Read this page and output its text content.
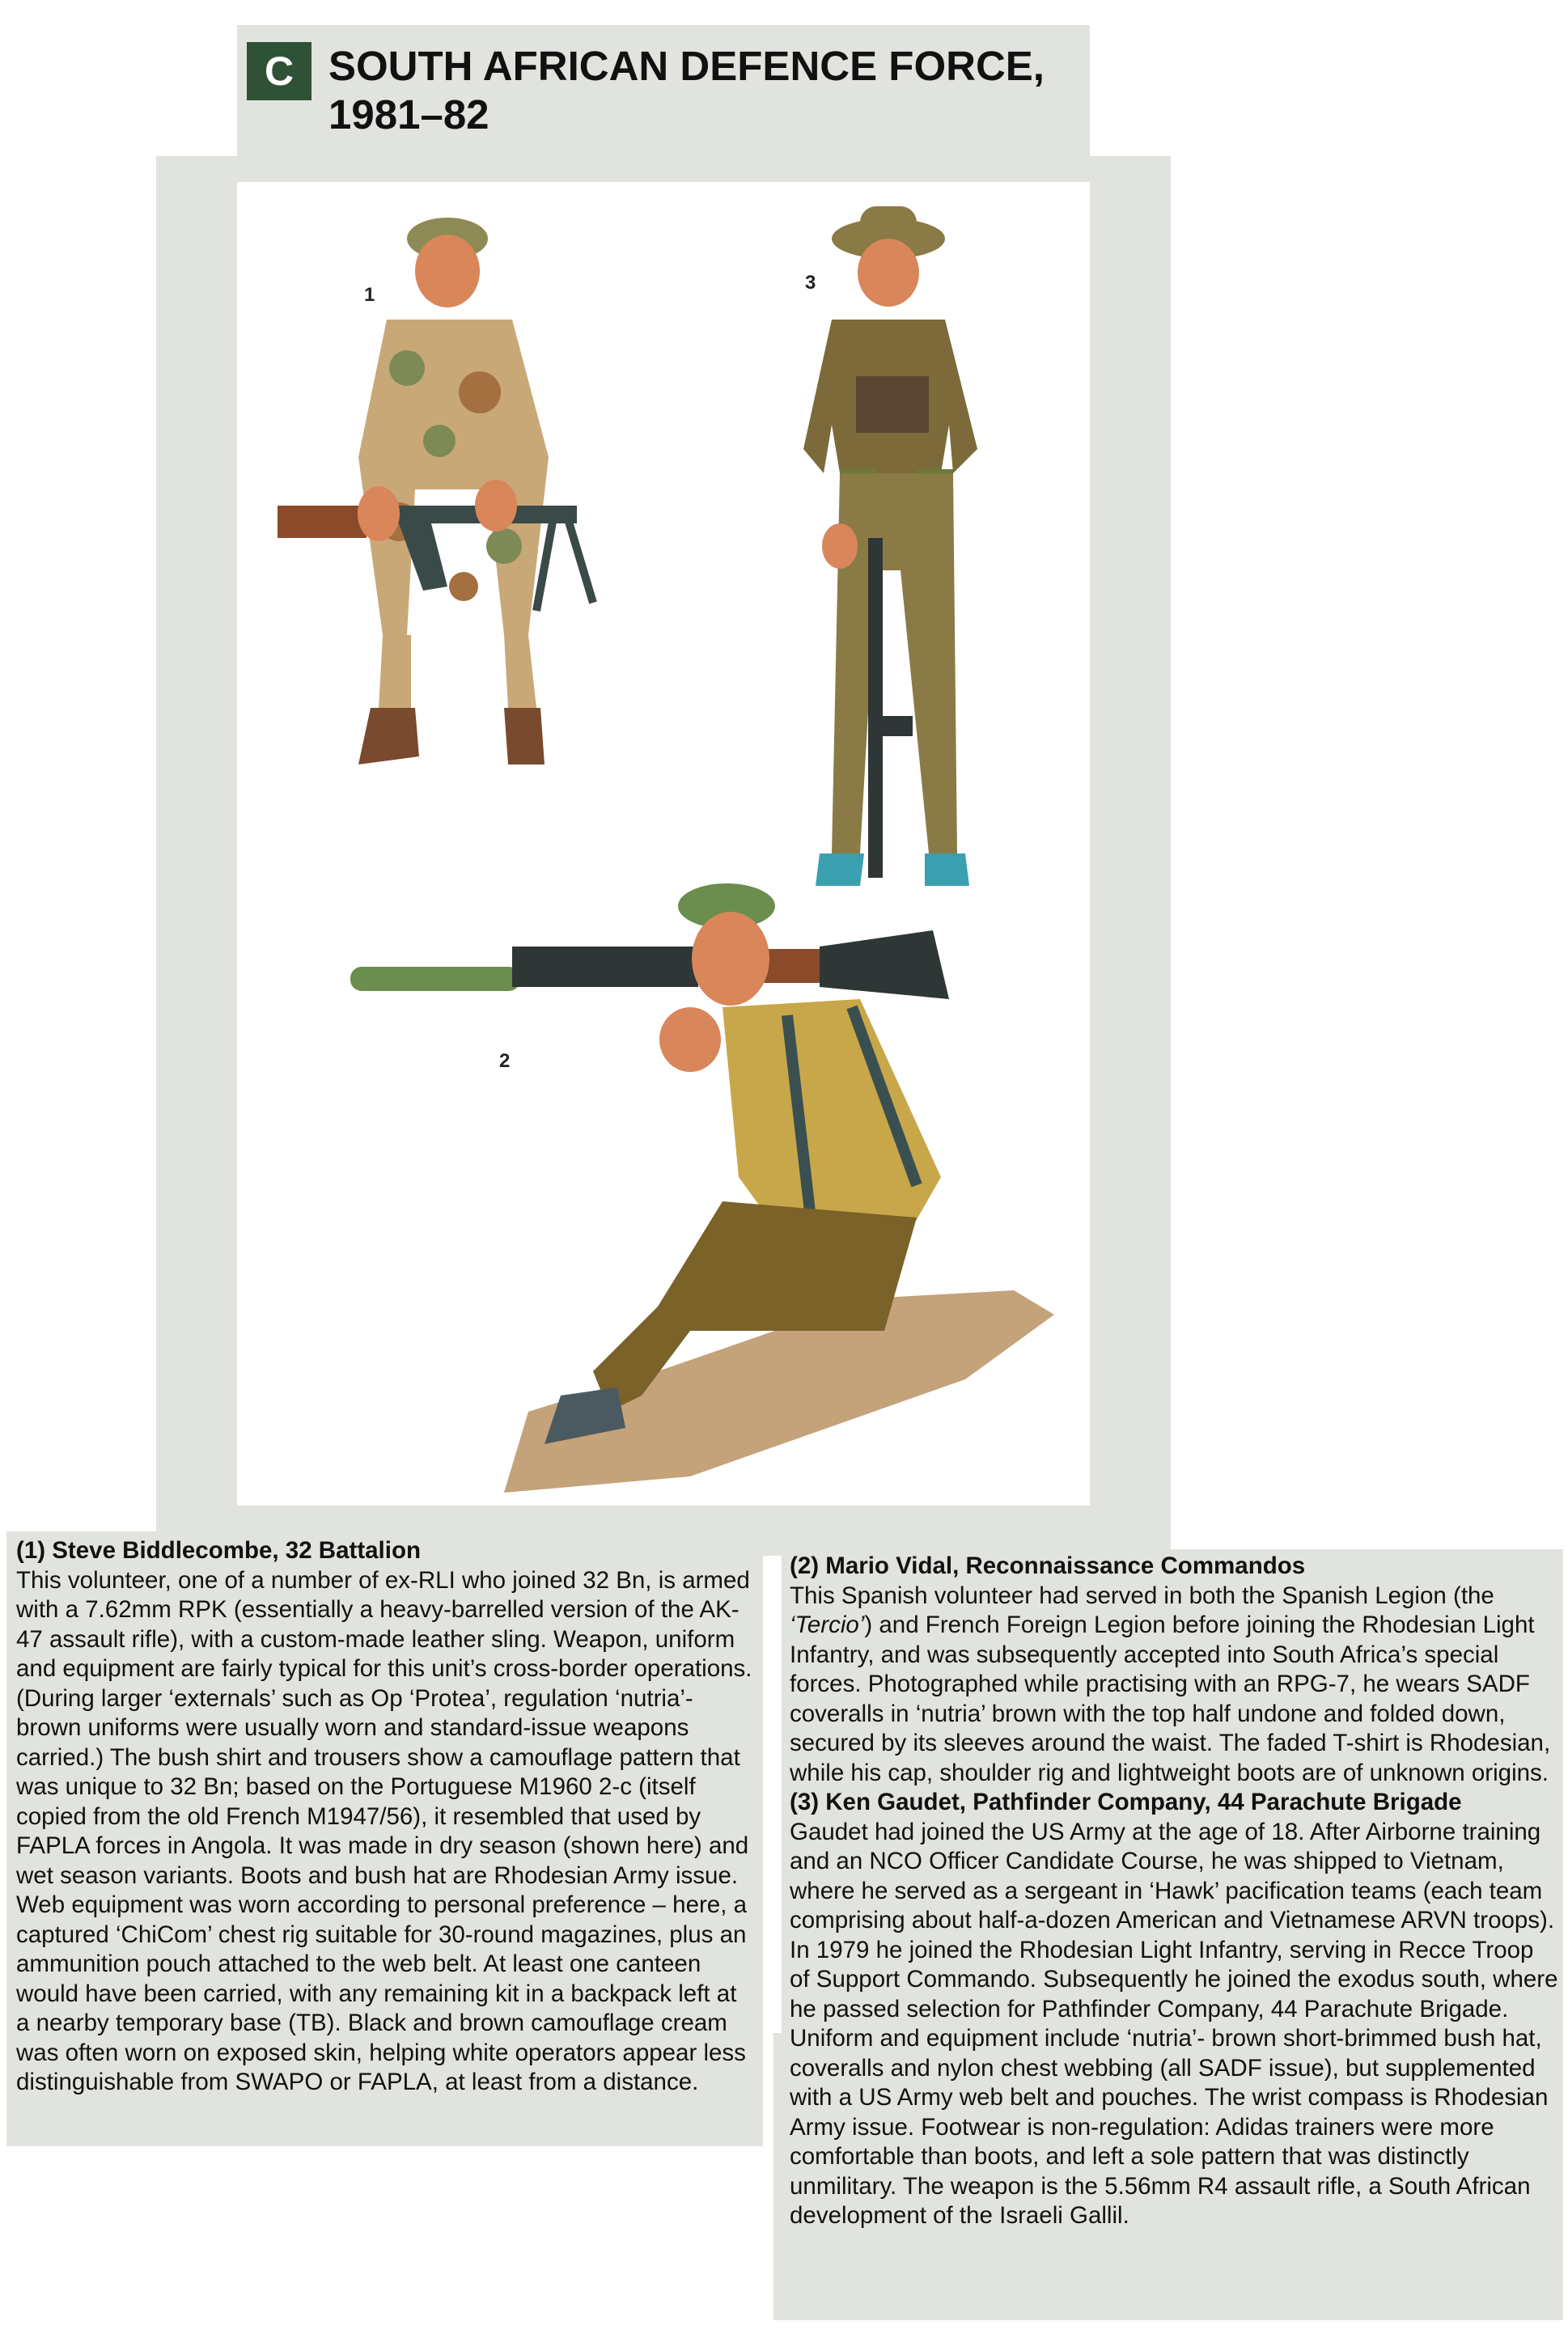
C SOUTH AFRICAN DEFENCE FORCE,
1981–82
1
3
2

(1) Steve Biddlecombe, 32 Battalion

This volunteer, one of a number of ex-RLI who joined 32 Bn, is armed with a 7.62mm RPK (essentially a heavy-barrelled version of the AK-47 assault rifle), with a custom-made leather sling. Weapon, uniform and equipment are fairly typical for this unit’s cross-border operations. (During larger ‘externals’ such as Op ‘Protea’, regulation ‘nutria’-brown uniforms were usually worn and standard-issue weapons carried.) The bush shirt and trousers show a camouflage pattern that was unique to 32 Bn; based on the Portuguese M1960 2-c (itself copied from the old French M1947/56), it resembled that used by FAPLA forces in Angola. It was made in dry season (shown here) and wet season variants. Boots and bush hat are Rhodesian Army issue. Web equipment was worn according to personal preference – here, a captured ‘ChiCom’ chest rig suitable for 30-round magazines, plus an ammunition pouch attached to the web belt. At least one canteen would have been carried, with any remaining kit in a backpack left at a nearby temporary base (TB). Black and brown camouflage cream was often worn on exposed skin, helping white operators appear less distinguishable from SWAPO or FAPLA, at least from a distance.

(2) Mario Vidal, Reconnaissance Commandos

This Spanish volunteer had served in both the Spanish Legion (the ‘Tercio’) and French Foreign Legion before joining the Rhodesian Light Infantry, and was subsequently accepted into South Africa’s special forces. Photographed while practising with an RPG-7, he wears SADF coveralls in ‘nutria’ brown with the top half undone and folded down, secured by its sleeves around the waist. The faded T-shirt is Rhodesian, while his cap, shoulder rig and lightweight boots are of unknown origins.

(3) Ken Gaudet, Pathfinder Company, 44 Parachute Brigade

Gaudet had joined the US Army at the age of 18. After Airborne training and an NCO Officer Candidate Course, he was shipped to Vietnam, where he served as a sergeant in ‘Hawk’ pacification teams (each team comprising about half-a-dozen American and Vietnamese ARVN troops). In 1979 he joined the Rhodesian Light Infantry, serving in Recce Troop of Support Commando. Subsequently he joined the exodus south, where he passed selection for Pathfinder Company, 44 Parachute Brigade. Uniform and equipment include ‘nutria’- brown short-brimmed bush hat, coveralls and nylon chest webbing (all SADF issue), but supplemented with a US Army web belt and pouches. The wrist compass is Rhodesian Army issue. Footwear is non-regulation: Adidas trainers were more comfortable than boots, and left a sole pattern that was distinctly unmilitary. The weapon is the 5.56mm R4 assault rifle, a South African development of the Israeli Gallil.
